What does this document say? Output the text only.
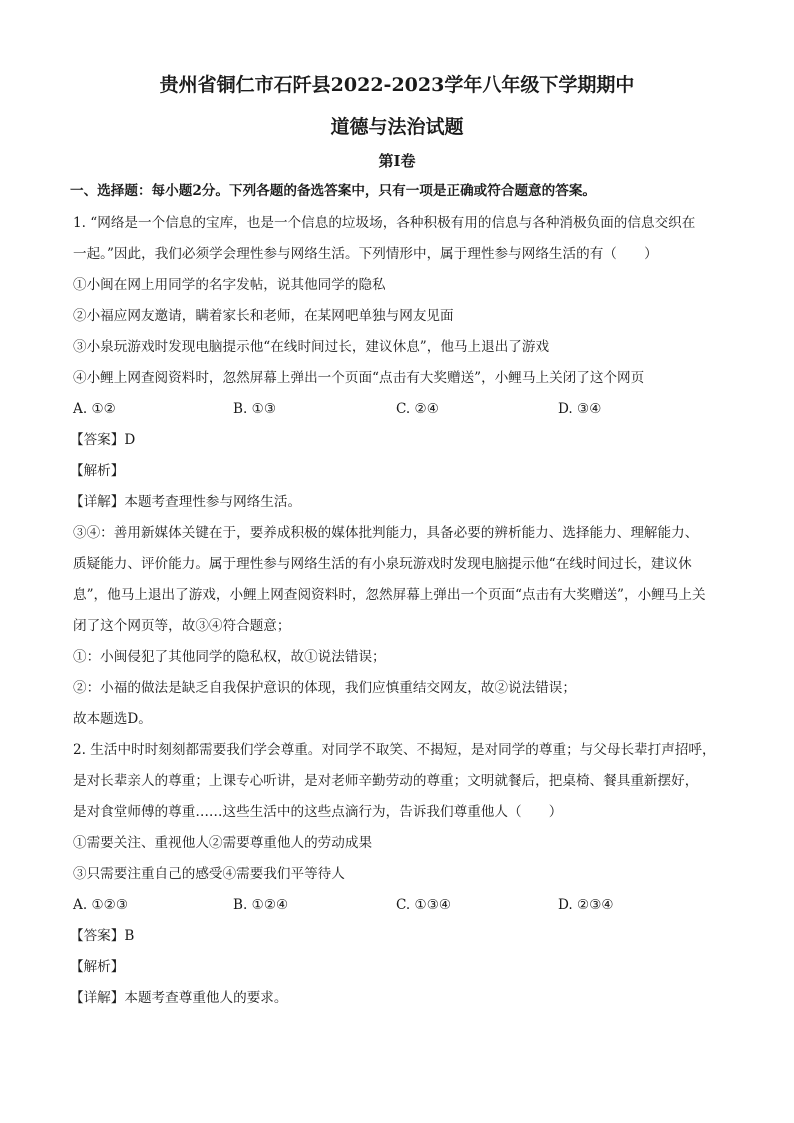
贵州省铜仁市石阡县2022-2023学年八年级下学期期中
道德与法治试题
第Ⅰ卷
一、选择题：每小题2分。下列各题的备选答案中，只有一项是正确或符合题意的答案。
1. “网络是一个信息的宝库，也是一个信息的垃圾场，各种积极有用的信息与各种消极负面的信息交织在
一起。”因此，我们必须学会理性参与网络生活。下列情形中，属于理性参与网络生活的有（　　）
①小闽在网上用同学的名字发帖，说其他同学的隐私
②小福应网友邀请，瞒着家长和老师，在某网吧单独与网友见面
③小泉玩游戏时发现电脑提示他“在线时间过长，建议休息”，他马上退出了游戏
④小鲤上网查阅资料时，忽然屏幕上弹出一个页面“点击有大奖赠送”，小鲤马上关闭了这个网页
A. ①②	B. ①③	C. ②④	D. ③④
【答案】D
【解析】
【详解】本题考查理性参与网络生活。
③④：善用新媒体关键在于，要养成积极的媒体批判能力，具备必要的辨析能力、选择能力、理解能力、
质疑能力、评价能力。属于理性参与网络生活的有小泉玩游戏时发现电脑提示他“在线时间过长，建议休
息”，他马上退出了游戏，小鲤上网查阅资料时，忽然屏幕上弹出一个页面“点击有大奖赠送”，小鲤马上关
闭了这个网页等，故③④符合题意；
①：小闽侵犯了其他同学的隐私权，故①说法错误；
②：小福的做法是缺乏自我保护意识的体现，我们应慎重结交网友，故②说法错误；
故本题选D。
2. 生活中时时刻刻都需要我们学会尊重。对同学不取笑、不揭短，是对同学的尊重；与父母长辈打声招呼，
是对长辈亲人的尊重；上课专心听讲，是对老师辛勤劳动的尊重；文明就餐后，把桌椅、餐具重新摆好，
是对食堂师傅的尊重……这些生活中的这些点滴行为，告诉我们尊重他人（　　）
①需要关注、重视他人②需要尊重他人的劳动成果
③只需要注重自己的感受④需要我们平等待人
A. ①②③	B. ①②④	C. ①③④	D. ②③④
【答案】B
【解析】
【详解】本题考查尊重他人的要求。
